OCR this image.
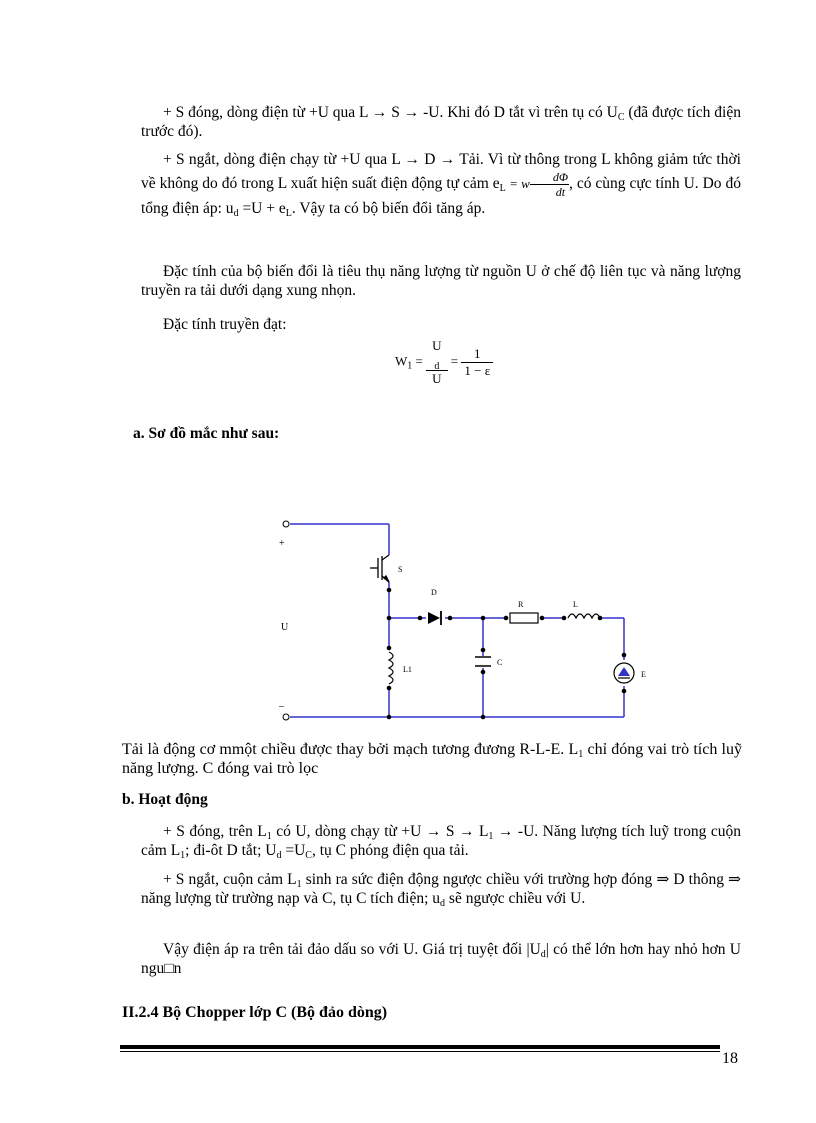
+ S đóng, dòng điện từ +U qua L → S → -U. Khi đó D tắt vì trên tụ có $U_C$ (đã được tích điện trước đó).

+ S ngắt, dòng điện chạy từ +U qua L → D → Tải. Vì từ thông trong L không giảm tức thời về không do đó trong L xuất hiện suất điện động tự cảm $e_L = w \frac{d\Phi}{dt}$ , có cùng cực tính U. Do đó tổng điện áp: $u_d =U + e_L$. Vậy ta có bộ biến đổi tăng áp.

Đặc tính của bộ biến đổi là tiêu thụ năng lượng từ nguồn U ở chế độ liên tục và năng lượng truyền ra tải dưới dạng xung nhọn.

Đặc tính truyền đạt:

$W_1 = U$
$_d$
$U = \frac{1}{1 - \varepsilon}$

a. Sơ đồ mắc như sau:

+
U
–
S
D
R	L
L1
C
E

Tải là động cơ mmột chiều được thay bởi mạch tương đương R-L-E. $L_1$ chỉ đóng vai trò tích luỹ năng lượng. C đóng vai trò lọc

b. Hoạt động

+ S đóng, trên $L_1$ có U, dòng chạy từ $+U \to S \to L_1 \to -U$. Năng lượng tích luỹ trong cuộn cảm $L_1$; đi-ôt D tắt; $U_d =U_C$, tụ C phóng điện qua tải.

+ S ngắt, cuộn cảm $L_1$ sinh ra sức điện động ngược chiều với trường hợp đóng ⇒ D thông ⇒ năng lượng từ trường nạp và C, tụ C tích điện; $u_d$ sẽ ngược chiều với U.

Vậy điện áp ra trên tải đảo dấu so với U. Giá trị tuyệt đối $|U_d|$ có thể lớn hơn hay nhỏ hơn U ngu□n

II.2.4 Bộ Chopper lớp C (Bộ đảo dòng)

18
